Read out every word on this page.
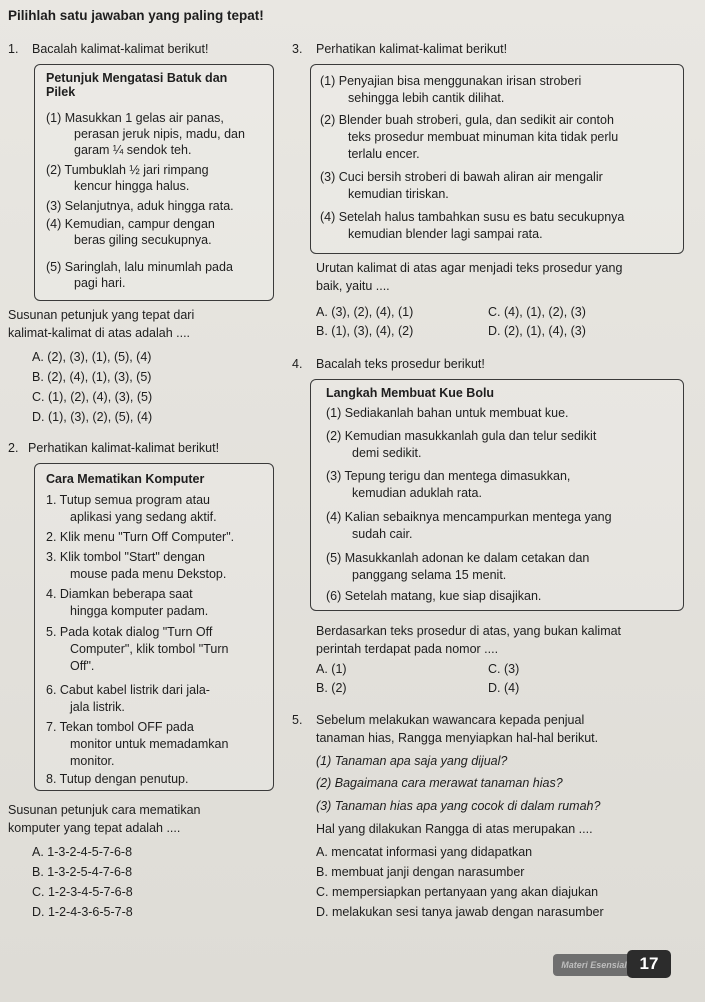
Pilihlah satu jawaban yang paling tepat!
1. Bacalah kalimat-kalimat berikut!
Petunjuk Mengatasi Batuk dan
Pilek
(1) Masukkan 1 gelas air panas,
perasan jeruk nipis, madu, dan
garam ¼ sendok teh.
(2) Tumbuklah ½ jari rimpang
kencur hingga halus.
(3) Selanjutnya, aduk hingga rata.
(4) Kemudian, campur dengan
beras giling secukupnya.
(5) Saringlah, lalu minumlah pada
pagi hari.
Susunan petunjuk yang tepat dari
kalimat-kalimat di atas adalah ....
A. (2), (3), (1), (5), (4)
B. (2), (4), (1), (3), (5)
C. (1), (2), (4), (3), (5)
D. (1), (3), (2), (5), (4)
2. Perhatikan kalimat-kalimat berikut!
Cara Mematikan Komputer
1. Tutup semua program atau
aplikasi yang sedang aktif.
2. Klik menu "Turn Off Computer".
3. Klik tombol "Start" dengan
mouse pada menu Dekstop.
4. Diamkan beberapa saat
hingga komputer padam.
5. Pada kotak dialog "Turn Off
Computer", klik tombol "Turn
Off".
6. Cabut kabel listrik dari jala-
jala listrik.
7. Tekan tombol OFF pada
monitor untuk memadamkan
monitor.
8. Tutup dengan penutup.
Susunan petunjuk cara mematikan
komputer yang tepat adalah ....
A. 1-3-2-4-5-7-6-8
B. 1-3-2-5-4-7-6-8
C. 1-2-3-4-5-7-6-8
D. 1-2-4-3-6-5-7-8
3. Perhatikan kalimat-kalimat berikut!
(1) Penyajian bisa menggunakan irisan stroberi
sehingga lebih cantik dilihat.
(2) Blender buah stroberi, gula, dan sedikit air contoh
teks prosedur membuat minuman kita tidak perlu
terlalu encer.
(3) Cuci bersih stroberi di bawah aliran air mengalir
kemudian tiriskan.
(4) Setelah halus tambahkan susu es batu secukupnya
kemudian blender lagi sampai rata.
Urutan kalimat di atas agar menjadi teks prosedur yang
baik, yaitu ....
A. (3), (2), (4), (1)
B. (1), (3), (4), (2)
C. (4), (1), (2), (3)
D. (2), (1), (4), (3)
4. Bacalah teks prosedur berikut!
Langkah Membuat Kue Bolu
(1) Sediakanlah bahan untuk membuat kue.
(2) Kemudian masukkanlah gula dan telur sedikit
demi sedikit.
(3) Tepung terigu dan mentega dimasukkan,
kemudian aduklah rata.
(4) Kalian sebaiknya mencampurkan mentega yang
sudah cair.
(5) Masukkanlah adonan ke dalam cetakan dan
panggang selama 15 menit.
(6) Setelah matang, kue siap disajikan.
Berdasarkan teks prosedur di atas, yang bukan kalimat
perintah terdapat pada nomor ....
A. (1)
B. (2)
C. (3)
D. (4)
5. Sebelum melakukan wawancara kepada penjual
tanaman hias, Rangga menyiapkan hal-hal berikut.
(1) Tanaman apa saja yang dijual?
(2) Bagaimana cara merawat tanaman hias?
(3) Tanaman hias apa yang cocok di dalam rumah?
Hal yang dilakukan Rangga di atas merupakan ....
A. mencatat informasi yang didapatkan
B. membuat janji dengan narasumber
C. mempersiapkan pertanyaan yang akan diajukan
D. melakukan sesi tanya jawab dengan narasumber
Materi Esensial 17
